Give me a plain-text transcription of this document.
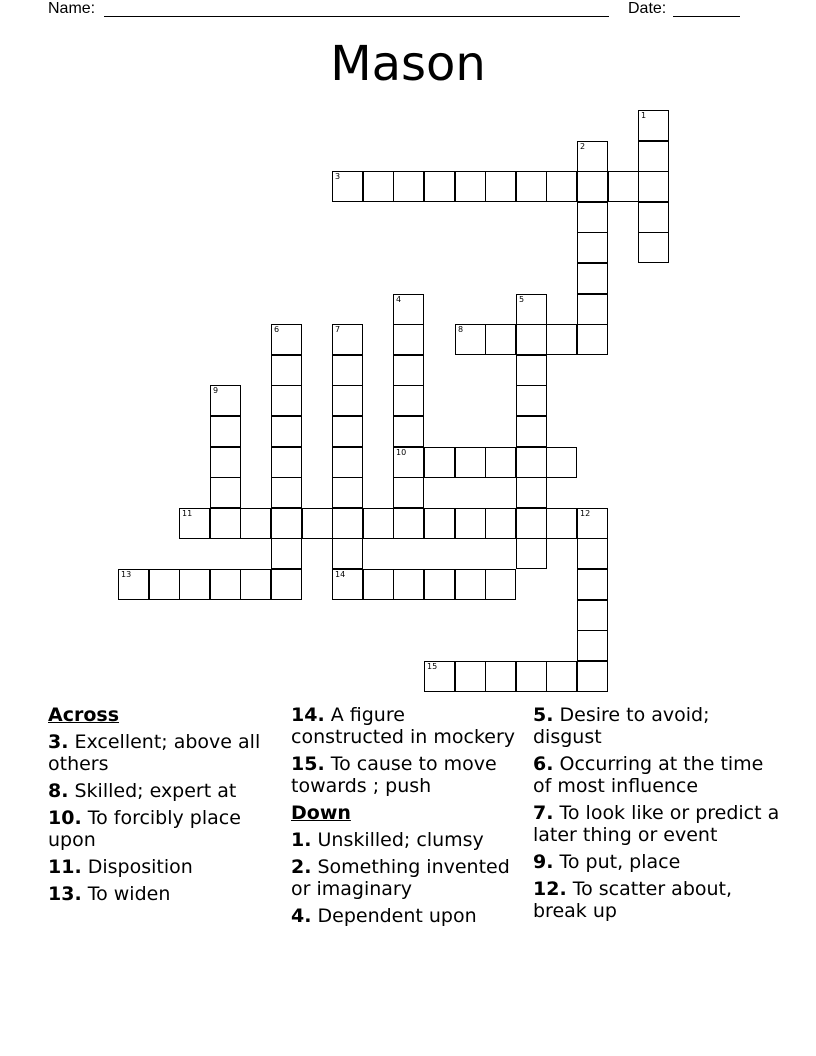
Name:	Date:
Mason
1
2
3
4
10
5
6	7
14
8
9
11	12
13
15
Across
3. Excellent; above all others
8. Skilled; expert at
10. To forcibly place upon
11. Disposition
13. To widen
14. A figure constructed in mockery
15. To cause to move towards ; push
Down
1. Unskilled; clumsy
2. Something invented or imaginary
4. Dependent upon
5. Desire to avoid; disgust
6. Occurring at the time of most influence
7. To look like or predict a later thing or event
9. To put, place
12. To scatter about, break up
